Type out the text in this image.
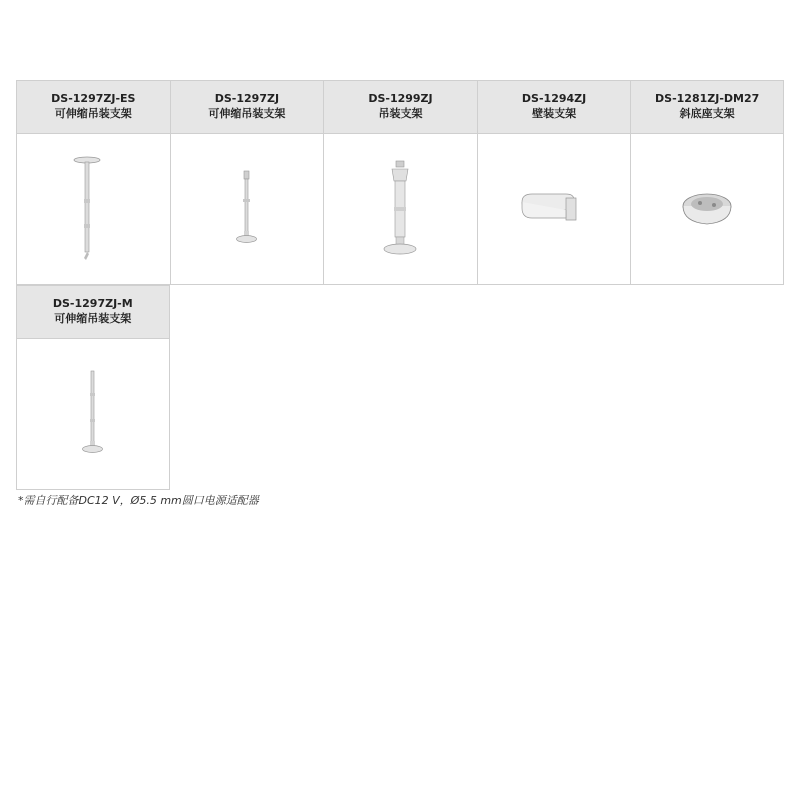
DS-1297ZJ-ES
可伸缩吊装支架
DS-1297ZJ
可伸缩吊装支架
DS-1299ZJ
吊装支架
DS-1294ZJ
壁装支架
DS-1281ZJ-DM27
斜底座支架
DS-1297ZJ-M
可伸缩吊装支架
*需自行配备DC12 V，Ø5.5 mm圆口电源适配器
